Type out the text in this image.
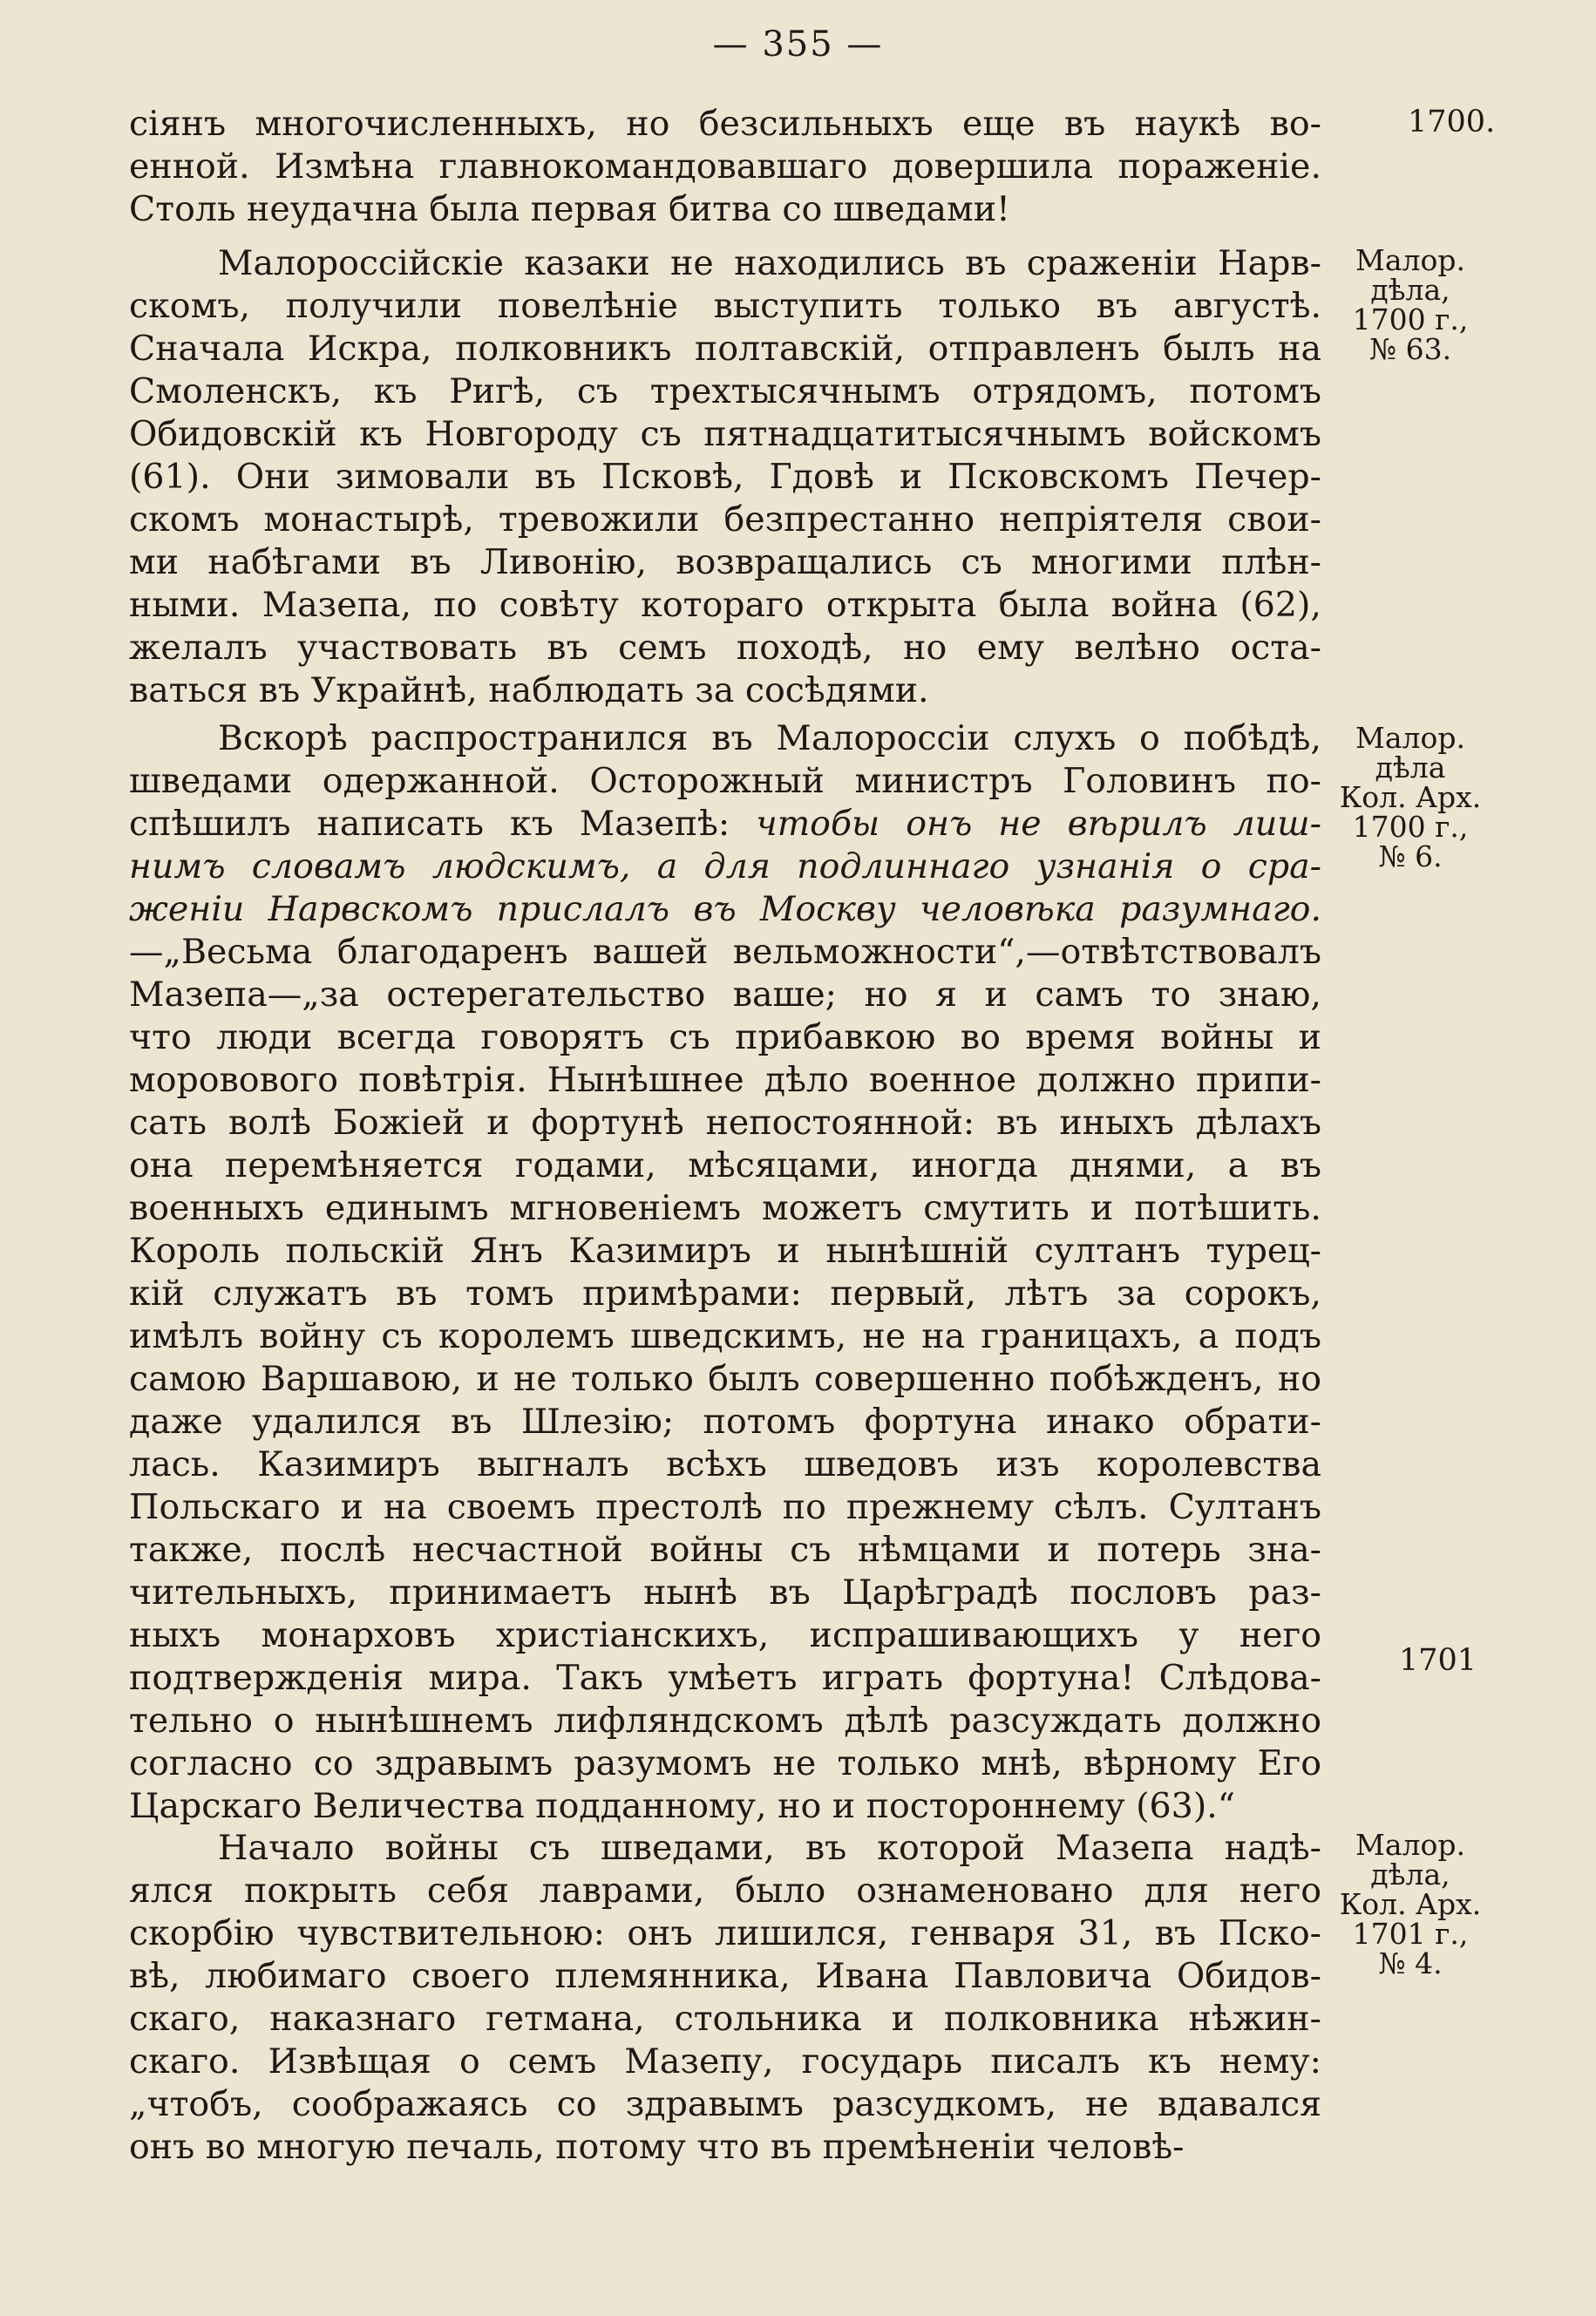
— 355 —
сіянъ многочисленныхъ, но безсильныхъ еще въ наукѣ во-
енной. Измѣна главнокомандовавшаго довершила пораженіе.
Столь неудачна была первая битва со шведами!
Малороссійскіе казаки не находились въ сраженіи Нарв-
скомъ, получили повелѣніе выступить только въ августѣ.
Сначала Искра, полковникъ полтавскій, отправленъ былъ на
Смоленскъ, къ Ригѣ, съ трехтысячнымъ отрядомъ, потомъ
Обидовскій къ Новгороду съ пятнадцатитысячнымъ войскомъ
(61). Они зимовали въ Псковѣ, Гдовѣ и Псковскомъ Печер-
скомъ монастырѣ, тревожили безпрестанно непріятеля свои-
ми набѣгами въ Ливонію, возвращались съ многими плѣн-
ными. Мазепа, по совѣту котораго открыта была война (62),
желалъ участвовать въ семъ походѣ, но ему велѣно оста-
ваться въ Украйнѣ, наблюдать за сосѣдями.
Вскорѣ распространился въ Малороссіи слухъ о побѣдѣ,
шведами одержанной. Осторожный министръ Головинъ по-
спѣшилъ написать къ Мазепѣ: чтобы онъ не вѣрилъ лиш-
нимъ словамъ людскимъ, а для подлиннаго узнанія о сра-
женіи Нарвскомъ прислалъ въ Москву человѣка разумнаго.
—„Весьма благодаренъ вашей вельможности“,—отвѣтствовалъ
Мазепа—„за остерегательство ваше; но я и самъ то знаю,
что люди всегда говорятъ съ прибавкою во время войны и
моровового повѣтрія. Нынѣшнее дѣло военное должно припи-
сать волѣ Божіей и фортунѣ непостоянной: въ иныхъ дѣлахъ
она перемѣняется годами, мѣсяцами, иногда днями, а въ
военныхъ единымъ мгновеніемъ можетъ смутить и потѣшить.
Король польскій Янъ Казимиръ и нынѣшній султанъ турец-
кій служатъ въ томъ примѣрами: первый, лѣтъ за сорокъ,
имѣлъ войну съ королемъ шведскимъ, не на границахъ, а подъ
самою Варшавою, и не только былъ совершенно побѣжденъ, но
даже удалился въ Шлезію; потомъ фортуна инако обрати-
лась. Казимиръ выгналъ всѣхъ шведовъ изъ королевства
Польскаго и на своемъ престолѣ по прежнему сѣлъ. Султанъ
также, послѣ несчастной войны съ нѣмцами и потерь зна-
чительныхъ, принимаетъ нынѣ въ Царѣградѣ пословъ раз-
ныхъ монарховъ христіанскихъ, испрашивающихъ у него
подтвержденія мира. Такъ умѣетъ играть фортуна! Слѣдова-
тельно о нынѣшнемъ лифляндскомъ дѣлѣ разсуждать должно
согласно со здравымъ разумомъ не только мнѣ, вѣрному Его
Царскаго Величества подданному, но и постороннему (63).“
Начало войны съ шведами, въ которой Мазепа надѣ-
ялся покрыть себя лаврами, было ознаменовано для него
скорбію чувствительною: онъ лишился, генваря 31, въ Пско-
вѣ, любимаго своего племянника, Ивана Павловича Обидов-
скаго, наказнаго гетмана, стольника и полковника нѣжин-
скаго. Извѣщая о семъ Мазепу, государь писалъ къ нему:
„чтобъ, соображаясь со здравымъ разсудкомъ, не вдавался
онъ во многую печаль, потому что въ премѣненіи человѣ-
1700.
1701
Малор.
дѣла,
1700 г.,
№ 63.
Малор.
дѣла
Кол. Арх.
1700 г.,
№ 6.
Малор.
дѣла,
Кол. Арх.
1701 г.,
№ 4.
